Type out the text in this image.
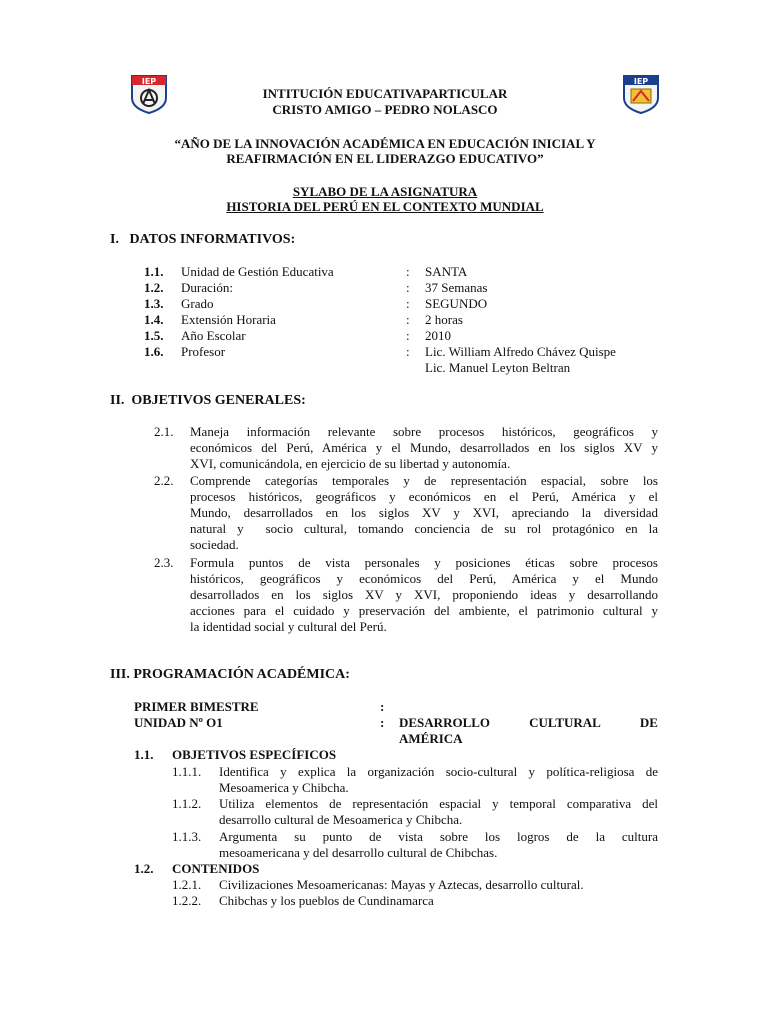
IEP	IEP
INTITUCIÓN EDUCATIVAPARTICULAR
CRISTO AMIGO – PEDRO NOLASCO
“AÑO DE LA INNOVACIÓN ACADÉMICA EN EDUCACIÓN INICIAL Y
REAFIRMACIÓN EN EL LIDERAZGO EDUCATIVO”
SYLABO DE LA ASIGNATURA
HISTORIA DEL PERÚ EN EL CONTEXTO MUNDIAL
I.   DATOS INFORMATIVOS:
1.1. Unidad de Gestión Educativa	: SANTA
1.2. Duración:	: 37 Semanas
1.3. Grado	: SEGUNDO
1.4. Extensión Horaria	: 2 horas
1.5. Año Escolar	: 2010
1.6. Profesor	: Lic. William Alfredo Chávez Quispe
Lic. Manuel Leyton Beltran
II.  OBJETIVOS GENERALES:
2.1. Maneja información relevante sobre procesos históricos, geográficos y
económicos del Perú, América y el Mundo, desarrollados en los siglos XV y
XVI, comunicándola, en ejercicio de su libertad y autonomía.
2.2. Comprende categorías temporales y de representación espacial, sobre los
procesos históricos, geográficos y económicos en el Perú, América y el
Mundo, desarrollados en los siglos XV y XVI, apreciando la diversidad
natural y  socio cultural, tomando conciencia de su rol protagónico en la
sociedad.
2.3. Formula puntos de vista personales y posiciones éticas sobre procesos
históricos, geográficos y económicos del Perú, América y el Mundo
desarrollados en los siglos XV y XVI, proponiendo ideas y desarrollando
acciones para el cuidado y preservación del ambiente, el patrimonio cultural y
la identidad social y cultural del Perú.
III. PROGRAMACIÓN ACADÉMICA:
PRIMER BIMESTRE	:
UNIDAD Nº O1	: DESARROLLO	CULTURAL	DE
AMÉRICA
1.1. OBJETIVOS ESPECÍFICOS
1.1.1. Identifica y explica la organización socio-cultural y política-religiosa de
Mesoamerica y Chibcha.
1.1.2. Utiliza elementos de representación espacial y temporal comparativa del
desarrollo cultural de Mesoamerica y Chibcha.
1.1.3. Argumenta su punto de vista sobre los logros de la cultura
mesoamericana y del desarrollo cultural de Chibchas.
1.2. CONTENIDOS
1.2.1. Civilizaciones Mesoamericanas: Mayas y Aztecas, desarrollo cultural.
1.2.2. Chibchas y los pueblos de Cundinamarca
